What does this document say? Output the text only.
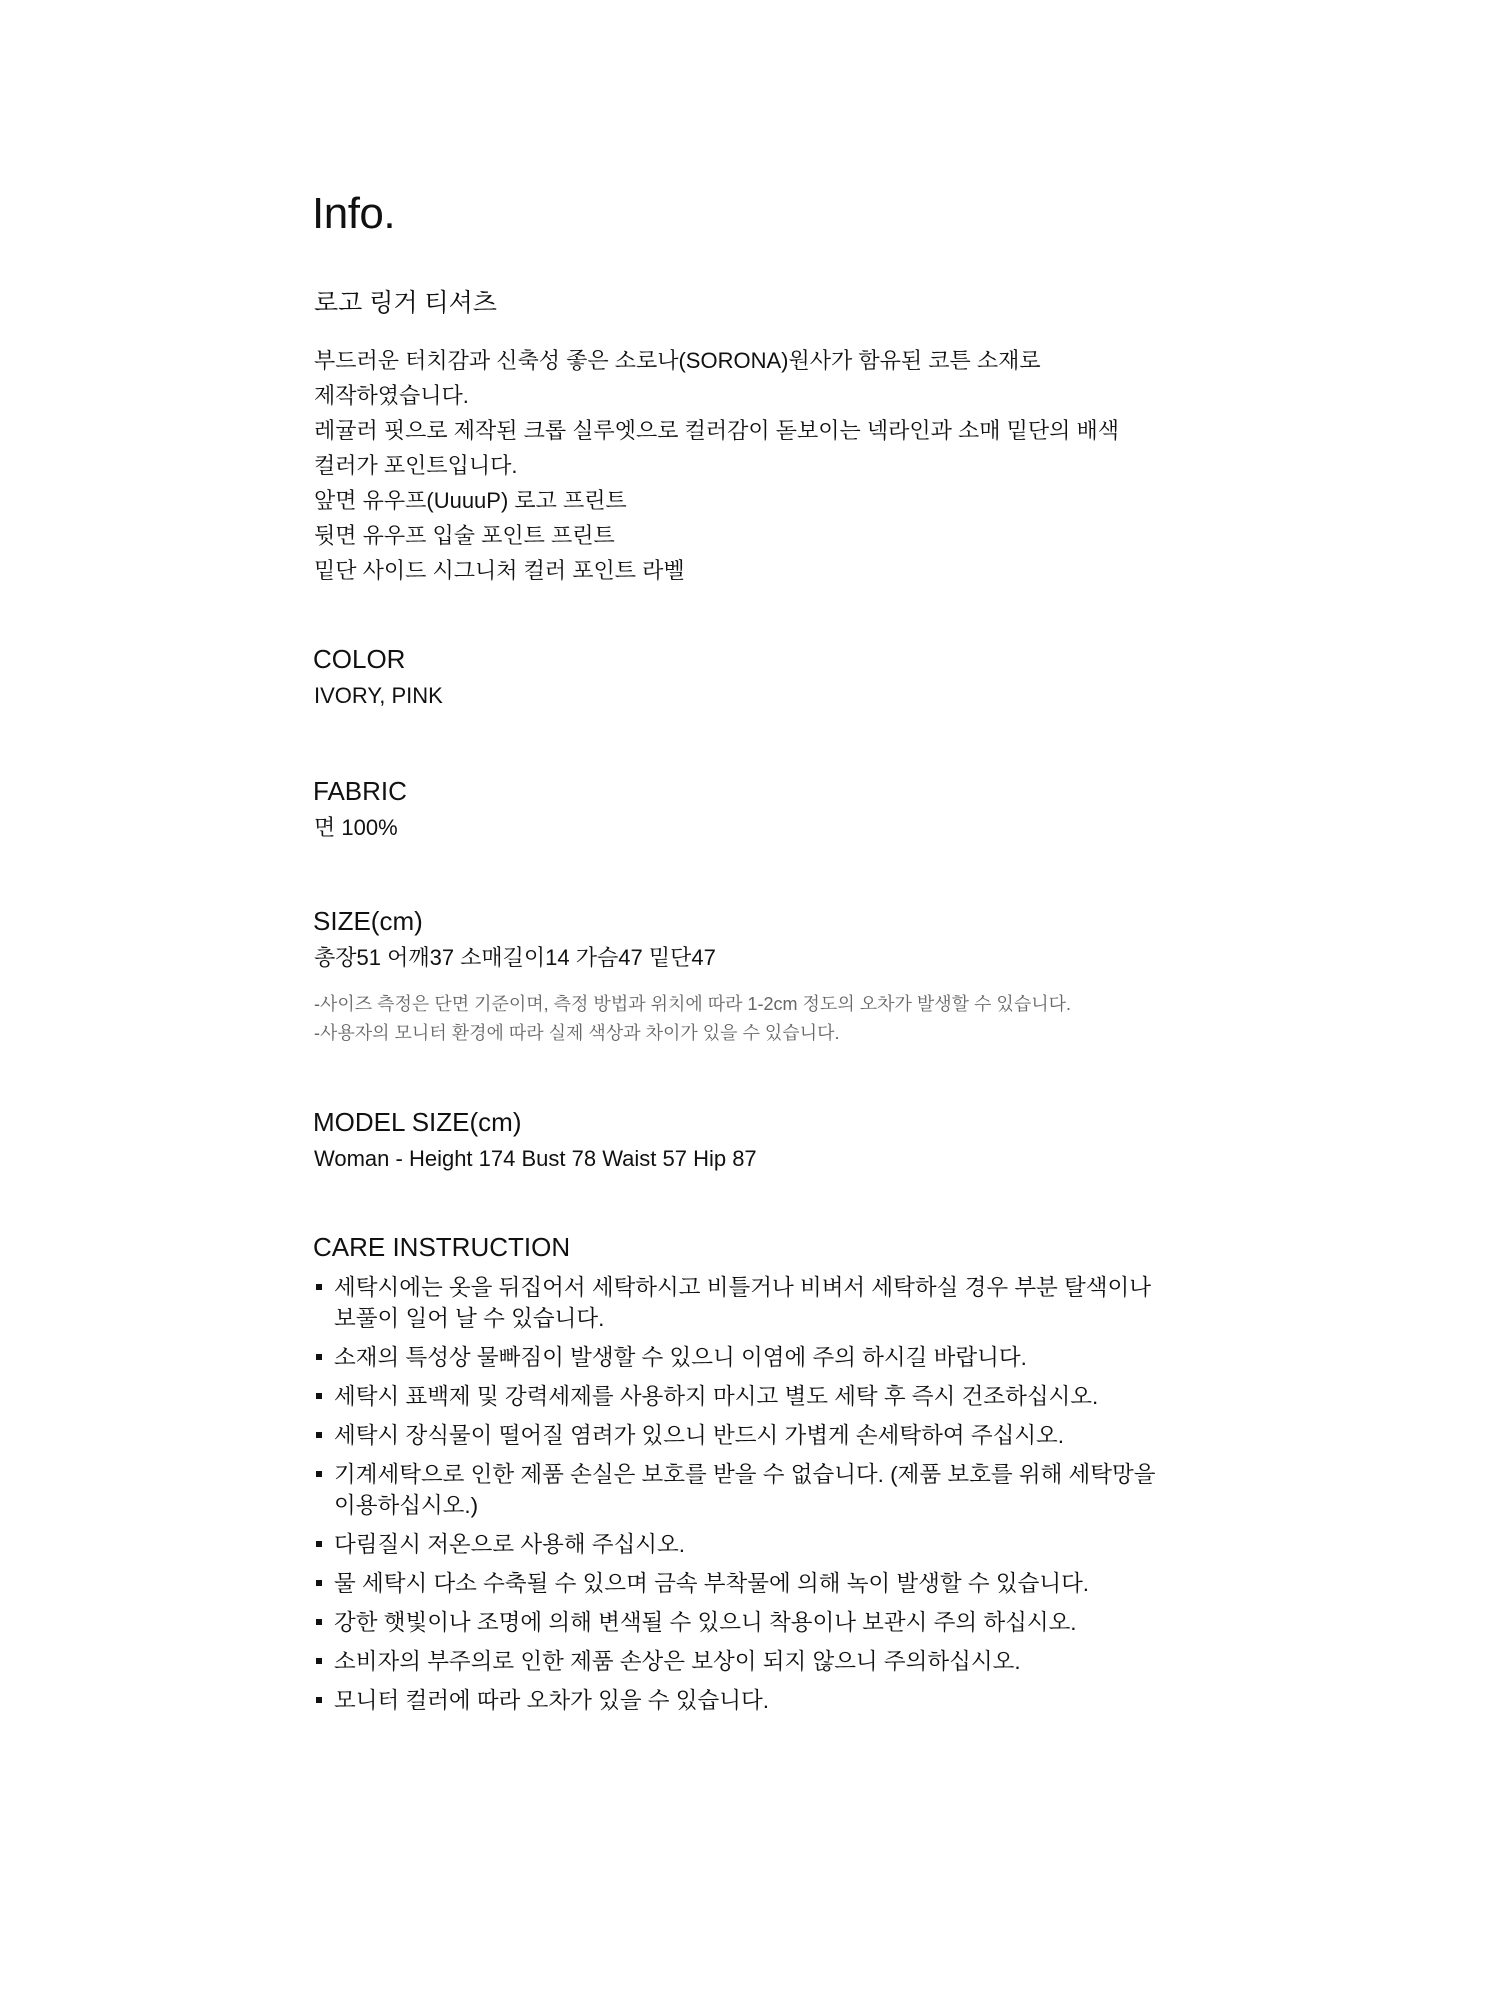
Info.
로고 링거 티셔츠
부드러운 터치감과 신축성 좋은 소로나(SORONA)원사가 함유된 코튼 소재로
제작하였습니다.
레귤러 핏으로 제작된 크롭 실루엣으로 컬러감이 돋보이는 넥라인과 소매 밑단의 배색
컬러가 포인트입니다.
앞면 유우프(UuuuP) 로고 프린트
뒷면 유우프 입술 포인트 프린트
밑단 사이드 시그니처 컬러 포인트 라벨
COLOR

IVORY, PINK

FABRIC

면 100%

SIZE(cm)

총장51 어깨37 소매길이14 가슴47 밑단47

-사이즈 측정은 단면 기준이며, 측정 방법과 위치에 따라 1-2cm 정도의 오차가 발생할 수 있습니다.
-사용자의 모니터 환경에 따라 실제 색상과 차이가 있을 수 있습니다.
MODEL SIZE(cm)

Woman - Height 174 Bust 78 Waist 57 Hip 87

CARE INSTRUCTION
세탁시에는 옷을 뒤집어서 세탁하시고 비틀거나 비벼서 세탁하실 경우 부분 탈색이나 보풀이 일어 날 수 있습니다.
소재의 특성상 물빠짐이 발생할 수 있으니 이염에 주의 하시길 바랍니다.
세탁시 표백제 및 강력세제를 사용하지 마시고 별도 세탁 후 즉시 건조하십시오.
세탁시 장식물이 떨어질 염려가 있으니 반드시 가볍게 손세탁하여 주십시오.
기계세탁으로 인한 제품 손실은 보호를 받을 수 없습니다. (제품 보호를 위해 세탁망을 이용하십시오.)
다림질시 저온으로 사용해 주십시오.
물 세탁시 다소 수축될 수 있으며 금속 부착물에 의해 녹이 발생할 수 있습니다.
강한 햇빛이나 조명에 의해 변색될 수 있으니 착용이나 보관시 주의 하십시오.
소비자의 부주의로 인한 제품 손상은 보상이 되지 않으니 주의하십시오.
모니터 컬러에 따라 오차가 있을 수 있습니다.
